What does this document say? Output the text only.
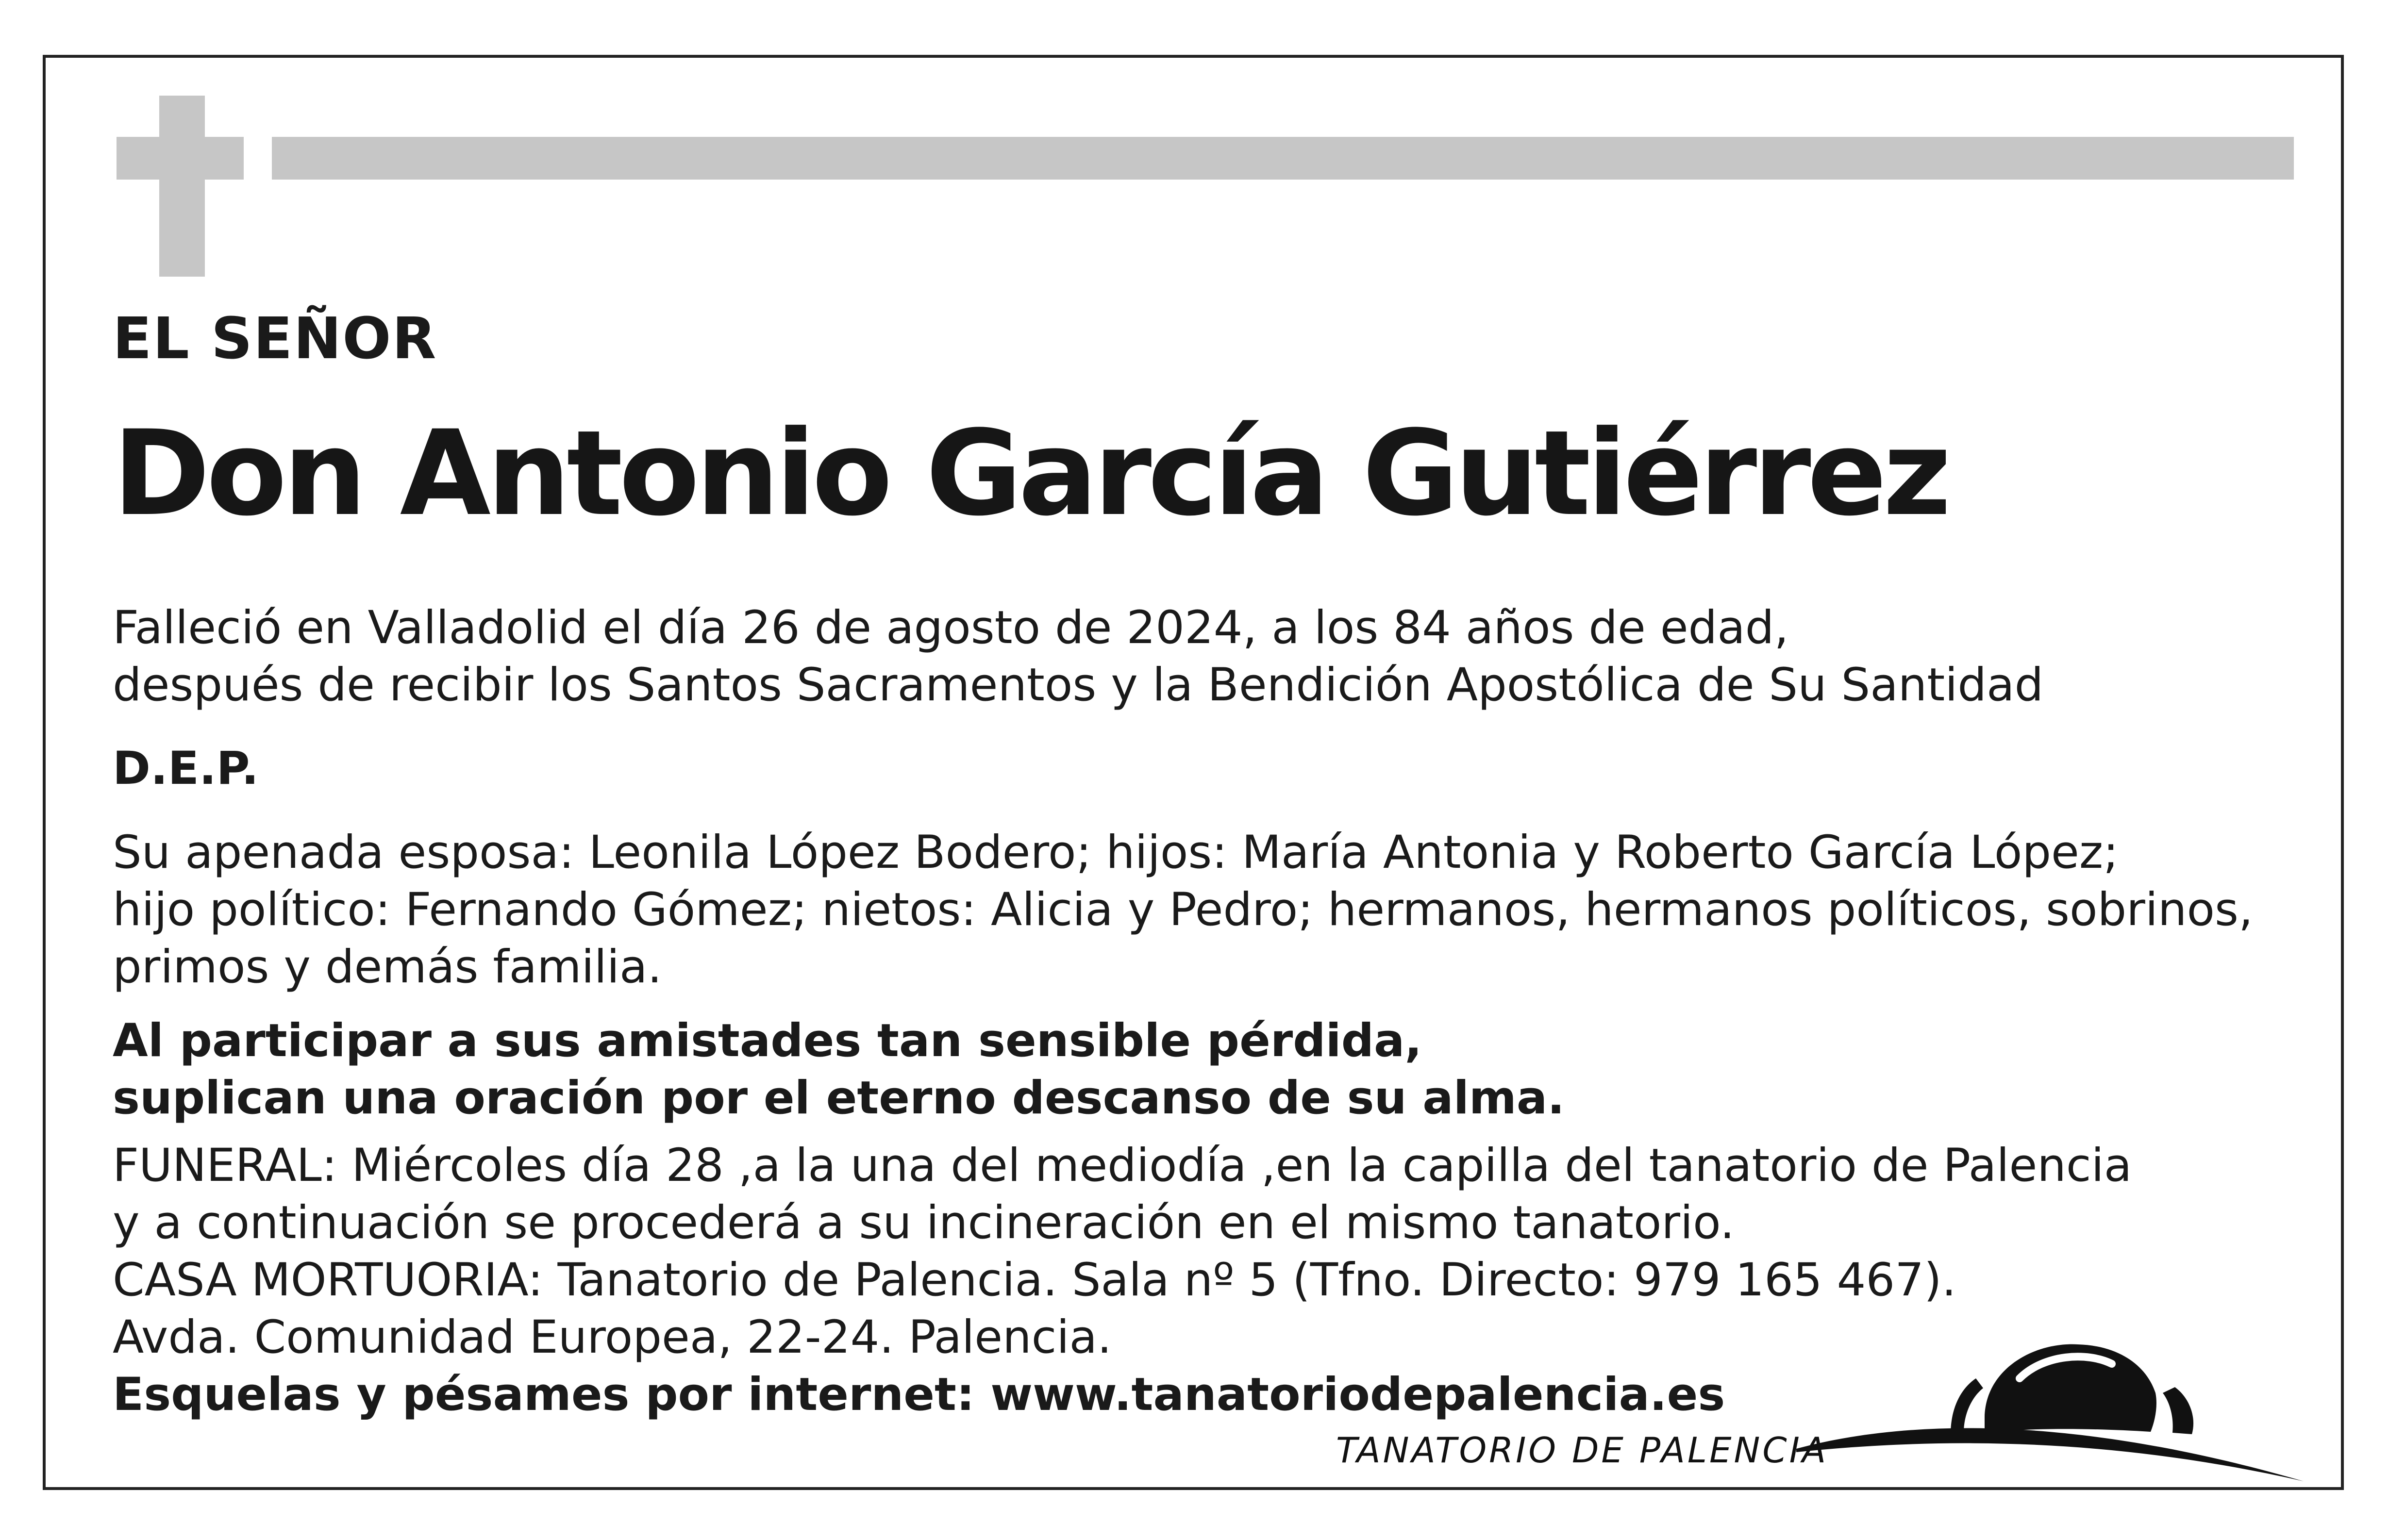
EL SEÑOR
Don Antonio García Gutiérrez
Falleció en Valladolid el día 26 de agosto de 2024, a los 84 años de edad,
después de recibir los Santos Sacramentos y la Bendición Apostólica de Su Santidad
D.E.P.
Su apenada esposa: Leonila López Bodero; hijos: María Antonia y Roberto García López;
hijo político: Fernando Gómez; nietos: Alicia y Pedro; hermanos, hermanos políticos, sobrinos,
primos y demás familia.
Al participar a sus amistades tan sensible pérdida,
suplican una oración por el eterno descanso de su alma.
FUNERAL: Miércoles día 28 ,a la una del mediodía ,en la capilla del tanatorio de Palencia
y a continuación se procederá a su incineración en el mismo tanatorio.
CASA MORTUORIA: Tanatorio de Palencia. Sala nº 5 (Tfno. Directo: 979 165 467).
Avda. Comunidad Europea, 22-24. Palencia.
Esquelas y pésames por internet: www.tanatoriodepalencia.es
TANATORIO DE PALENCIA
